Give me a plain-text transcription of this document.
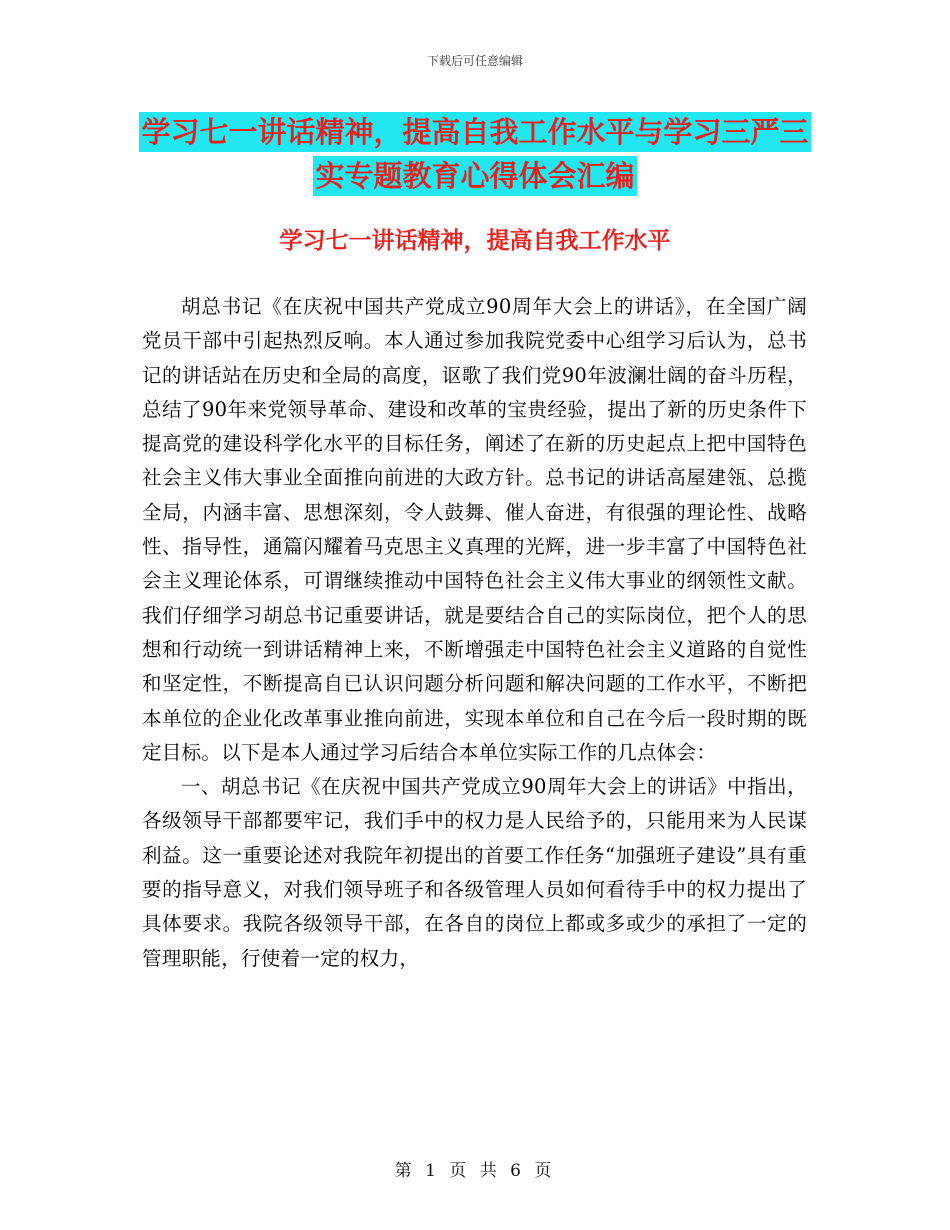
下载后可任意编辑
学习七一讲话精神，提高自我工作水平与学习三严三
实专题教育心得体会汇编
学习七一讲话精神，提高自我工作水平

胡总书记《在庆祝中国共产党成立90周年大会上的讲话》，在全国广阔党员干部中引起热烈反响。本人通过参加我院党委中心组学习后认为，总书记的讲话站在历史和全局的高度，讴歌了我们党90年波澜壮阔的奋斗历程，总结了90年来党领导革命、建设和改革的宝贵经验，提出了新的历史条件下提高党的建设科学化水平的目标任务，阐述了在新的历史起点上把中国特色社会主义伟大事业全面推向前进的大政方针。总书记的讲话高屋建瓴、总揽全局，内涵丰富、思想深刻，令人鼓舞、催人奋进，有很强的理论性、战略性、指导性，通篇闪耀着马克思主义真理的光辉，进一步丰富了中国特色社会主义理论体系，可谓继续推动中国特色社会主义伟大事业的纲领性文献。我们仔细学习胡总书记重要讲话，就是要结合自己的实际岗位，把个人的思想和行动统一到讲话精神上来，不断增强走中国特色社会主义道路的自觉性和坚定性，不断提高自已认识问题分析问题和解决问题的工作水平，不断把本单位的企业化改革事业推向前进，实现本单位和自己在今后一段时期的既定目标。以下是本人通过学习后结合本单位实际工作的几点体会：

一、胡总书记《在庆祝中国共产党成立90周年大会上的讲话》中指出，各级领导干部都要牢记，我们手中的权力是人民给予的，只能用来为人民谋利益。这一重要论述对我院年初提出的首要工作任务“加强班子建设”具有重要的指导意义，对我们领导班子和各级管理人员如何看待手中的权力提出了具体要求。我院各级领导干部，在各自的岗位上都或多或少的承担了一定的管理职能，行使着一定的权力，

第 1 页 共 6 页
